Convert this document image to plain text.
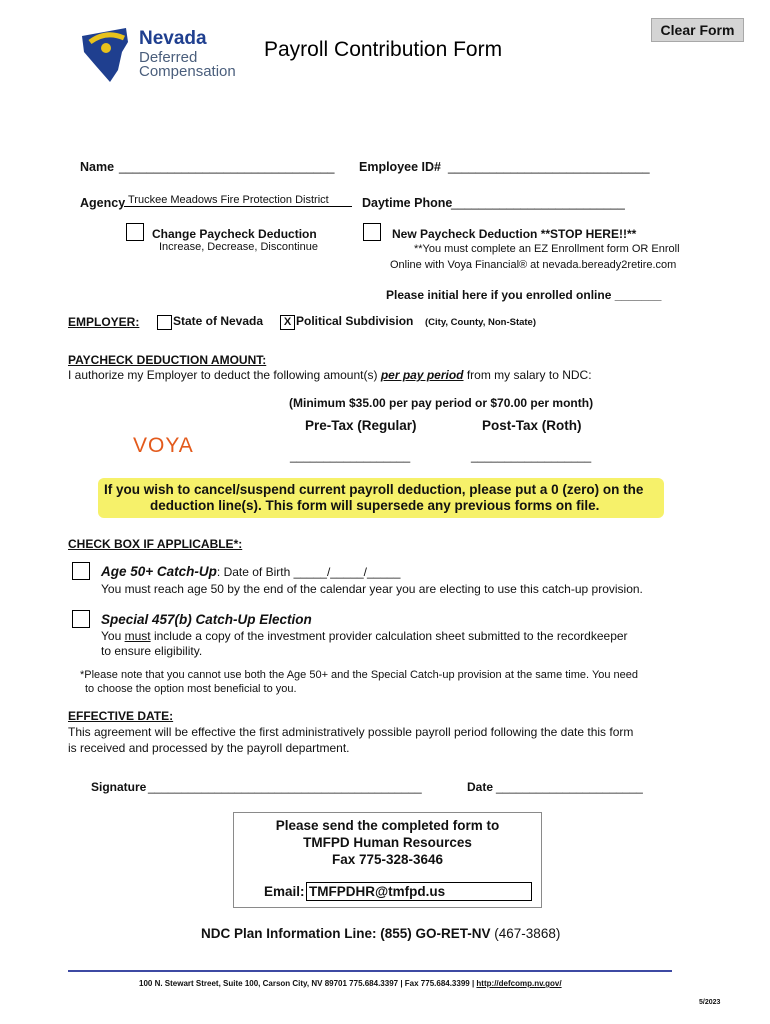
Clear Form
Nevada
Deferred
Compensation
Payroll Contribution Form
Name _______________________________ Employee ID# _____________________________
Agency Truckee Meadows Fire Protection District	Daytime Phone
_________________________
Change Paycheck Deduction
Increase, Decrease, Discontinue
New Paycheck Deduction **STOP HERE!!**
**You must complete an EZ Enrollment form OR Enroll
Online with Voya Financial® at nevada.beready2retire.com
Please initial here if you enrolled online _______
EMPLOYER:	State of Nevada	X Political Subdivision (City, County, Non-State)
PAYCHECK DEDUCTION AMOUNT:
I authorize my Employer to deduct the following amount(s) per pay period from my salary to NDC:
(Minimum $35.00 per pay period or $70.00 per month)
Pre-Tax (Regular)	Post-Tax (Roth)
VOYA	__________________	__________________
If you wish to cancel/suspend current payroll deduction, please put a 0 (zero) on the
deduction line(s). This form will supersede any previous forms on file.
CHECK BOX IF APPLICABLE*:
Age 50+ Catch-Up: Date of Birth _____/_____/_____
You must reach age 50 by the end of the calendar year you are electing to use this catch-up provision.
Special 457(b) Catch-Up Election
You must include a copy of the investment provider calculation sheet submitted to the recordkeeper
to ensure eligibility.
*Please note that you cannot use both the Age 50+ and the Special Catch-up provision at the same time. You need
to choose the option most beneficial to you.
EFFECTIVE DATE:
This agreement will be effective the first administratively possible payroll period following the date this form
is received and processed by the payroll department.
Signature _________________________________________	Date ______________________
Please send the completed form to
TMFPD Human Resources
Fax 775-328-3646
Email: TMFPDHR@tmfpd.us
NDC Plan Information Line: (855) GO-RET-NV (467-3868)
100 N. Stewart Street, Suite 100, Carson City, NV 89701 775.684.3397 | Fax 775.684.3399 | http://defcomp.nv.gov/
5/2023
